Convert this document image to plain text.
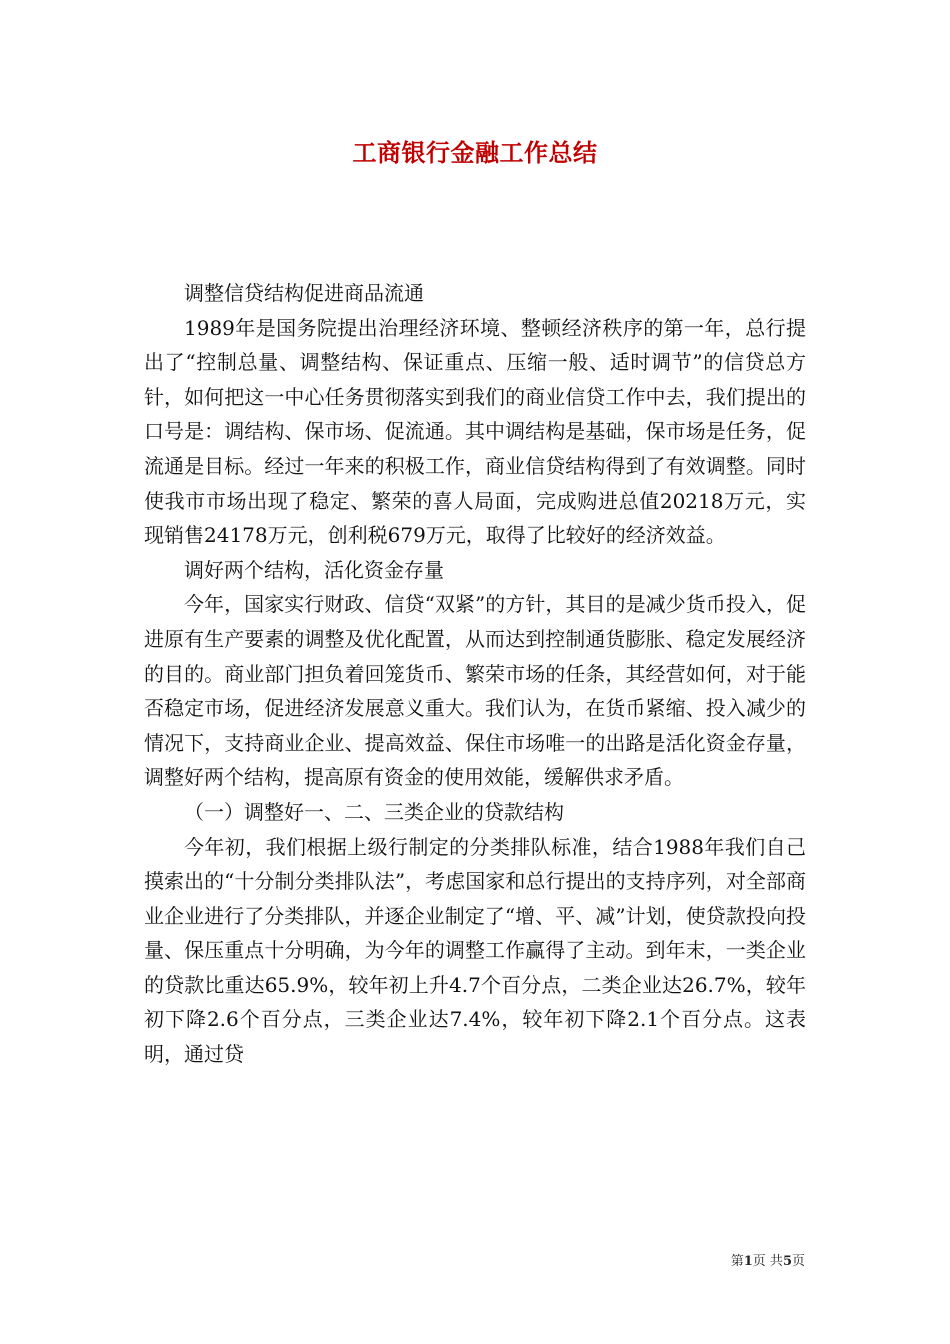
工商银行金融工作总结

调整信贷结构促进商品流通

1989年是国务院提出治理经济环境、整顿经济秩序的第一年，总行提出了“控制总量、调整结构、保证重点、压缩一般、适时调节”的信贷总方针，如何把这一中心任务贯彻落实到我们的商业信贷工作中去，我们提出的口号是：调结构、保市场、促流通。其中调结构是基础，保市场是任务，促流通是目标。经过一年来的积极工作，商业信贷结构得到了有效调整。同时使我市市场出现了稳定、繁荣的喜人局面，完成购进总值20218万元，实现销售24178万元，创利税679万元，取得了比较好的经济效益。

调好两个结构，活化资金存量

今年，国家实行财政、信贷“双紧”的方针，其目的是减少货币投入，促进原有生产要素的调整及优化配置，从而达到控制通货膨胀、稳定发展经济的目的。商业部门担负着回笼货币、繁荣市场的任条，其经营如何，对于能否稳定市场，促进经济发展意义重大。我们认为，在货币紧缩、投入减少的情况下，支持商业企业、提高效益、保住市场唯一的出路是活化资金存量，调整好两个结构，提高原有资金的使用效能，缓解供求矛盾。

（一）调整好一、二、三类企业的贷款结构

今年初，我们根据上级行制定的分类排队标准，结合1988年我们自己摸索出的“十分制分类排队法”，考虑国家和总行提出的支持序列，对全部商业企业进行了分类排队，并逐企业制定了“增、平、减”计划，使贷款投向投量、保压重点十分明确，为今年的调整工作赢得了主动。到年末，一类企业的贷款比重达65.9%，较年初上升4.7个百分点，二类企业达26.7%，较年初下降2.6个百分点，三类企业达7.4%，较年初下降2.1个百分点。这表明，通过贷

第1页 共5页
